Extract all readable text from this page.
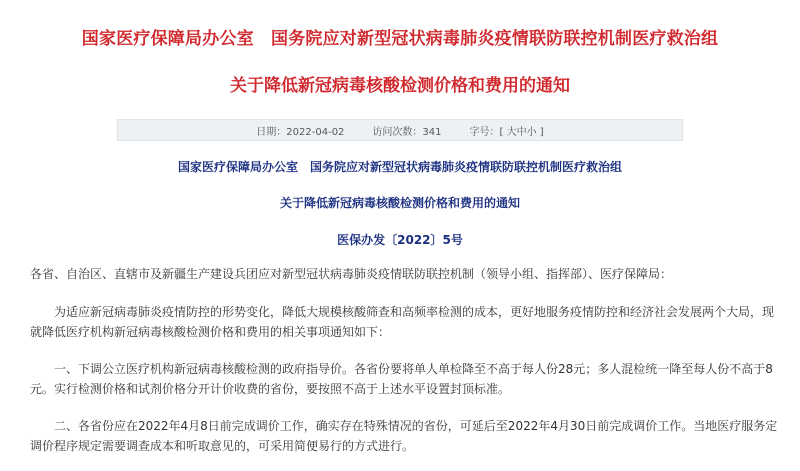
国家医疗保障局办公室　国务院应对新型冠状病毒肺炎疫情联防联控机制医疗救治组
关于降低新冠病毒核酸检测价格和费用的通知
日期：2022-04-02	访问次数：341	字号：[ 大中小 ]
国家医疗保障局办公室　国务院应对新型冠状病毒肺炎疫情联防联控机制医疗救治组
关于降低新冠病毒核酸检测价格和费用的通知
医保办发〔2022〕5号

各省、自治区、直辖市及新疆生产建设兵团应对新型冠状病毒肺炎疫情联防联控机制（领导小组、指挥部）、医疗保障局：

为适应新冠病毒肺炎疫情防控的形势变化，降低大规模核酸筛查和高频率检测的成本，更好地服务疫情防控和经济社会发展两个大局，现就降低医疗机构新冠病毒核酸检测价格和费用的相关事项通知如下：

一、下调公立医疗机构新冠病毒核酸检测的政府指导价。各省份要将单人单检降至不高于每人份28元；多人混检统一降至每人份不高于8元。实行检测价格和试剂价格分开计价收费的省份，要按照不高于上述水平设置封顶标准。

二、各省份应在2022年4月8日前完成调价工作，确实存在特殊情况的省份，可延后至2022年4月30日前完成调价工作。当地医疗服务定调价程序规定需要调查成本和听取意见的，可采用简便易行的方式进行。
